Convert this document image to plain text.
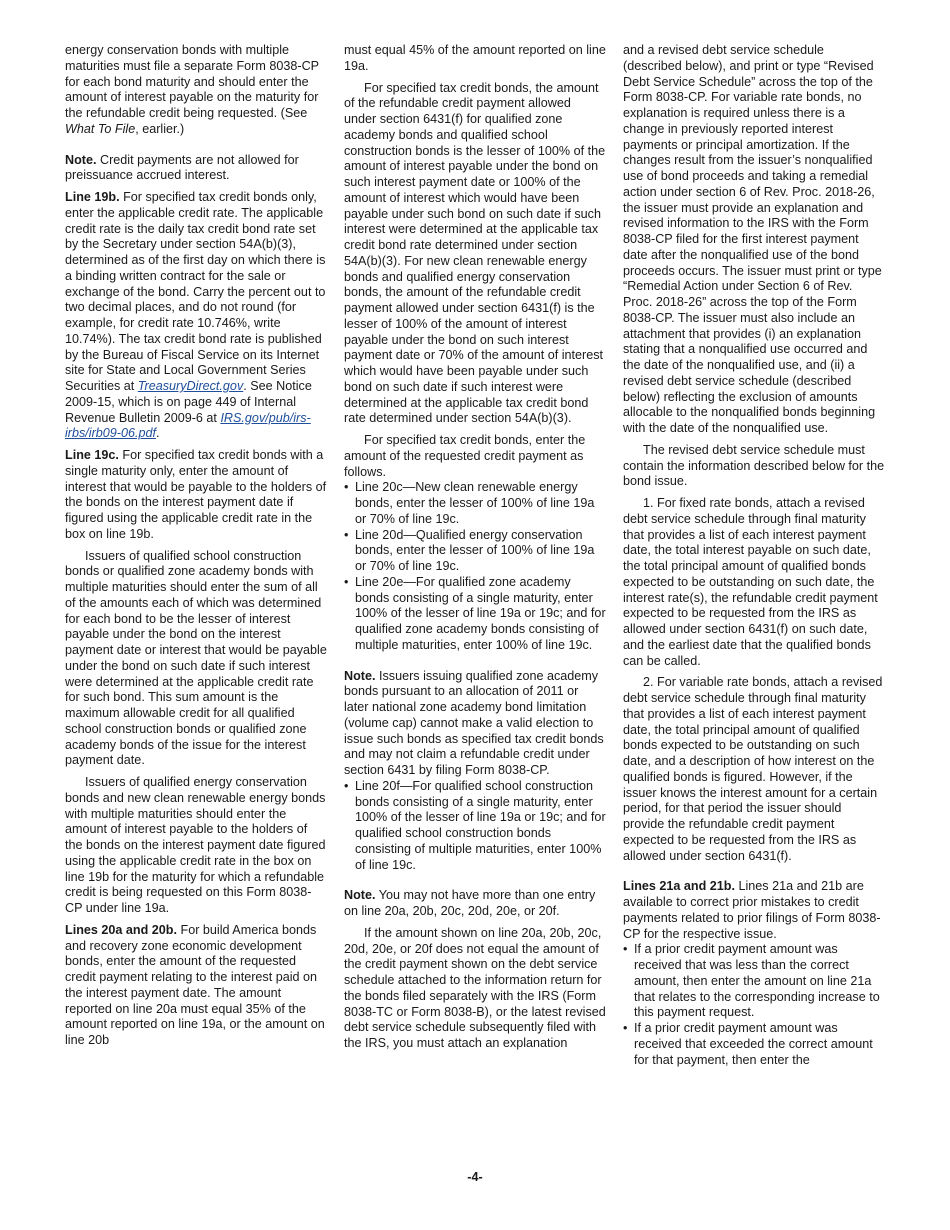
energy conservation bonds with multiple maturities must file a separate Form 8038-CP for each bond maturity and should enter the amount of interest payable on the maturity for the refundable credit being requested. (See What To File, earlier.)

Note. Credit payments are not allowed for preissuance accrued interest.

Line 19b. For specified tax credit bonds only, enter the applicable credit rate. The applicable credit rate is the daily tax credit bond rate set by the Secretary under section 54A(b)(3), determined as of the first day on which there is a binding written contract for the sale or exchange of the bond. Carry the percent out to two decimal places, and do not round (for example, for credit rate 10.746%, write 10.74%). The tax credit bond rate is published by the Bureau of Fiscal Service on its Internet site for State and Local Government Series Securities at TreasuryDirect.gov. See Notice 2009-15, which is on page 449 of Internal Revenue Bulletin 2009-6 at IRS.gov/pub/irs-irbs/irb09-06.pdf.

Line 19c. For specified tax credit bonds with a single maturity only, enter the amount of interest that would be payable to the holders of the bonds on the interest payment date if figured using the applicable credit rate in the box on line 19b.

Issuers of qualified school construction bonds or qualified zone academy bonds with multiple maturities should enter the sum of all of the amounts each of which was determined for each bond to be the lesser of interest payable under the bond on the interest payment date or interest that would be payable under the bond on such date if such interest were determined at the applicable credit rate for such bond. This sum amount is the maximum allowable credit for all qualified school construction bonds or qualified zone academy bonds of the issue for the interest payment date.

Issuers of qualified energy conservation bonds and new clean renewable energy bonds with multiple maturities should enter the amount of interest payable to the holders of the bonds on the interest payment date figured using the applicable credit rate in the box on line 19b for the maturity for which a refundable credit is being requested on this Form 8038-CP under line 19a.

Lines 20a and 20b. For build America bonds and recovery zone economic development bonds, enter the amount of the requested credit payment relating to the interest paid on the interest payment date. The amount reported on line 20a must equal 35% of the amount reported on line 19a, or the amount on line 20b

must equal 45% of the amount reported on line 19a.

For specified tax credit bonds, the amount of the refundable credit payment allowed under section 6431(f) for qualified zone academy bonds and qualified school construction bonds is the lesser of 100% of the amount of interest payable under the bond on such interest payment date or 100% of the amount of interest which would have been payable under such bond on such date if such interest were determined at the applicable tax credit bond rate determined under section 54A(b)(3). For new clean renewable energy bonds and qualified energy conservation bonds, the amount of the refundable credit payment allowed under section 6431(f) is the lesser of 100% of the amount of interest payable under the bond on such interest payment date or 70% of the amount of interest which would have been payable under such bond on such date if such interest were determined at the applicable tax credit bond rate determined under section 54A(b)(3).

For specified tax credit bonds, enter the amount of the requested credit payment as follows.

• Line 20c—New clean renewable energy bonds, enter the lesser of 100% of line 19a or 70% of line 19c.

• Line 20d—Qualified energy conservation bonds, enter the lesser of 100% of line 19a or 70% of line 19c.

• Line 20e—For qualified zone academy bonds consisting of a single maturity, enter 100% of the lesser of line 19a or 19c; and for qualified zone academy bonds consisting of multiple maturities, enter 100% of line 19c.

Note. Issuers issuing qualified zone academy bonds pursuant to an allocation of 2011 or later national zone academy bond limitation (volume cap) cannot make a valid election to issue such bonds as specified tax credit bonds and may not claim a refundable credit under section 6431 by filing Form 8038-CP.

• Line 20f—For qualified school construction bonds consisting of a single maturity, enter 100% of the lesser of line 19a or 19c; and for qualified school construction bonds consisting of multiple maturities, enter 100% of line 19c.

Note. You may not have more than one entry on line 20a, 20b, 20c, 20d, 20e, or 20f.

If the amount shown on line 20a, 20b, 20c, 20d, 20e, or 20f does not equal the amount of the credit payment shown on the debt service schedule attached to the information return for the bonds filed separately with the IRS (Form 8038-TC or Form 8038-B), or the latest revised debt service schedule subsequently filed with the IRS, you must attach an explanation

and a revised debt service schedule (described below), and print or type “Revised Debt Service Schedule” across the top of the Form 8038-CP. For variable rate bonds, no explanation is required unless there is a change in previously reported interest payments or principal amortization. If the changes result from the issuer’s nonqualified use of bond proceeds and taking a remedial action under section 6 of Rev. Proc. 2018-26, the issuer must provide an explanation and revised information to the IRS with the Form 8038-CP filed for the first interest payment date after the nonqualified use of the bond proceeds occurs. The issuer must print or type “Remedial Action under Section 6 of Rev. Proc. 2018-26” across the top of the Form 8038-CP. The issuer must also include an attachment that provides (i) an explanation stating that a nonqualified use occurred and the date of the nonqualified use, and (ii) a revised debt service schedule (described below) reflecting the exclusion of amounts allocable to the nonqualified bonds beginning with the date of the nonqualified use.

The revised debt service schedule must contain the information described below for the bond issue.

1. For fixed rate bonds, attach a revised debt service schedule through final maturity that provides a list of each interest payment date, the total interest payable on such date, the total principal amount of qualified bonds expected to be outstanding on such date, the interest rate(s), the refundable credit payment expected to be requested from the IRS as allowed under section 6431(f) on such date, and the earliest date that the qualified bonds can be called.

2. For variable rate bonds, attach a revised debt service schedule through final maturity that provides a list of each interest payment date, the total principal amount of qualified bonds expected to be outstanding on such date, and a description of how interest on the qualified bonds is figured. However, if the issuer knows the interest amount for a certain period, for that period the issuer should provide the refundable credit payment expected to be requested from the IRS as allowed under section 6431(f).

Lines 21a and 21b. Lines 21a and 21b are available to correct prior mistakes to credit payments related to prior filings of Form 8038-CP for the respective issue.

• If a prior credit payment amount was received that was less than the correct amount, then enter the amount on line 21a that relates to the corresponding increase to this payment request.

• If a prior credit payment amount was received that exceeded the correct amount for that payment, then enter the

-4-
